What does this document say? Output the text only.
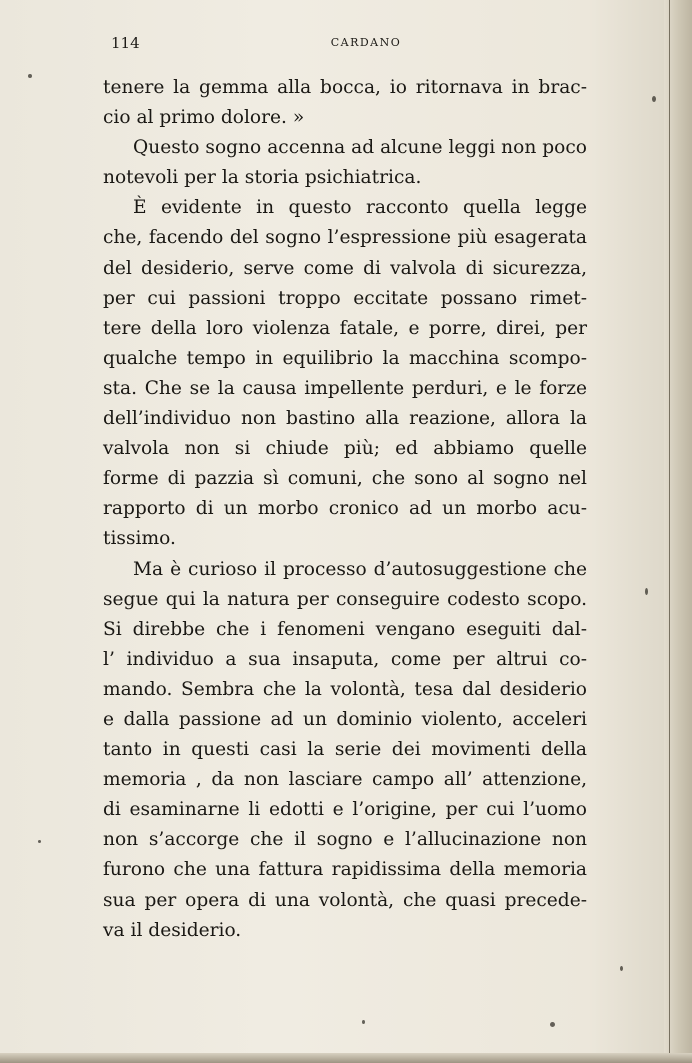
114	CARDANO
tenere la gemma alla bocca, io ritornava in brac-
cio al primo dolore. »
Questo sogno accenna ad alcune leggi non poco
notevoli per la storia psichiatrica.
È evidente in questo racconto quella legge
che, facendo del sogno l’espressione più esagerata
del desiderio, serve come di valvola di sicurezza,
per cui passioni troppo eccitate possano rimet-
tere della loro violenza fatale, e porre, direi, per
qualche tempo in equilibrio la macchina scompo-
sta. Che se la causa impellente perduri, e le forze
dell’individuo non bastino alla reazione, allora la
valvola non si chiude più; ed abbiamo quelle
forme di pazzia sì comuni, che sono al sogno nel
rapporto di un morbo cronico ad un morbo acu-
tissimo.
Ma è curioso il processo d’autosuggestione che
segue qui la natura per conseguire codesto scopo.
Si direbbe che i fenomeni vengano eseguiti dal-
l’ individuo a sua insaputa, come per altrui co-
mando. Sembra che la volontà, tesa dal desiderio
e dalla passione ad un dominio violento, acceleri
tanto in questi casi la serie dei movimenti della
memoria , da non lasciare campo all’ attenzione,
di esaminarne li edotti e l’origine, per cui l’uomo
non s’accorge che il sogno e l’allucinazione non
furono che una fattura rapidissima della memoria
sua per opera di una volontà, che quasi precede-
va il desiderio.
